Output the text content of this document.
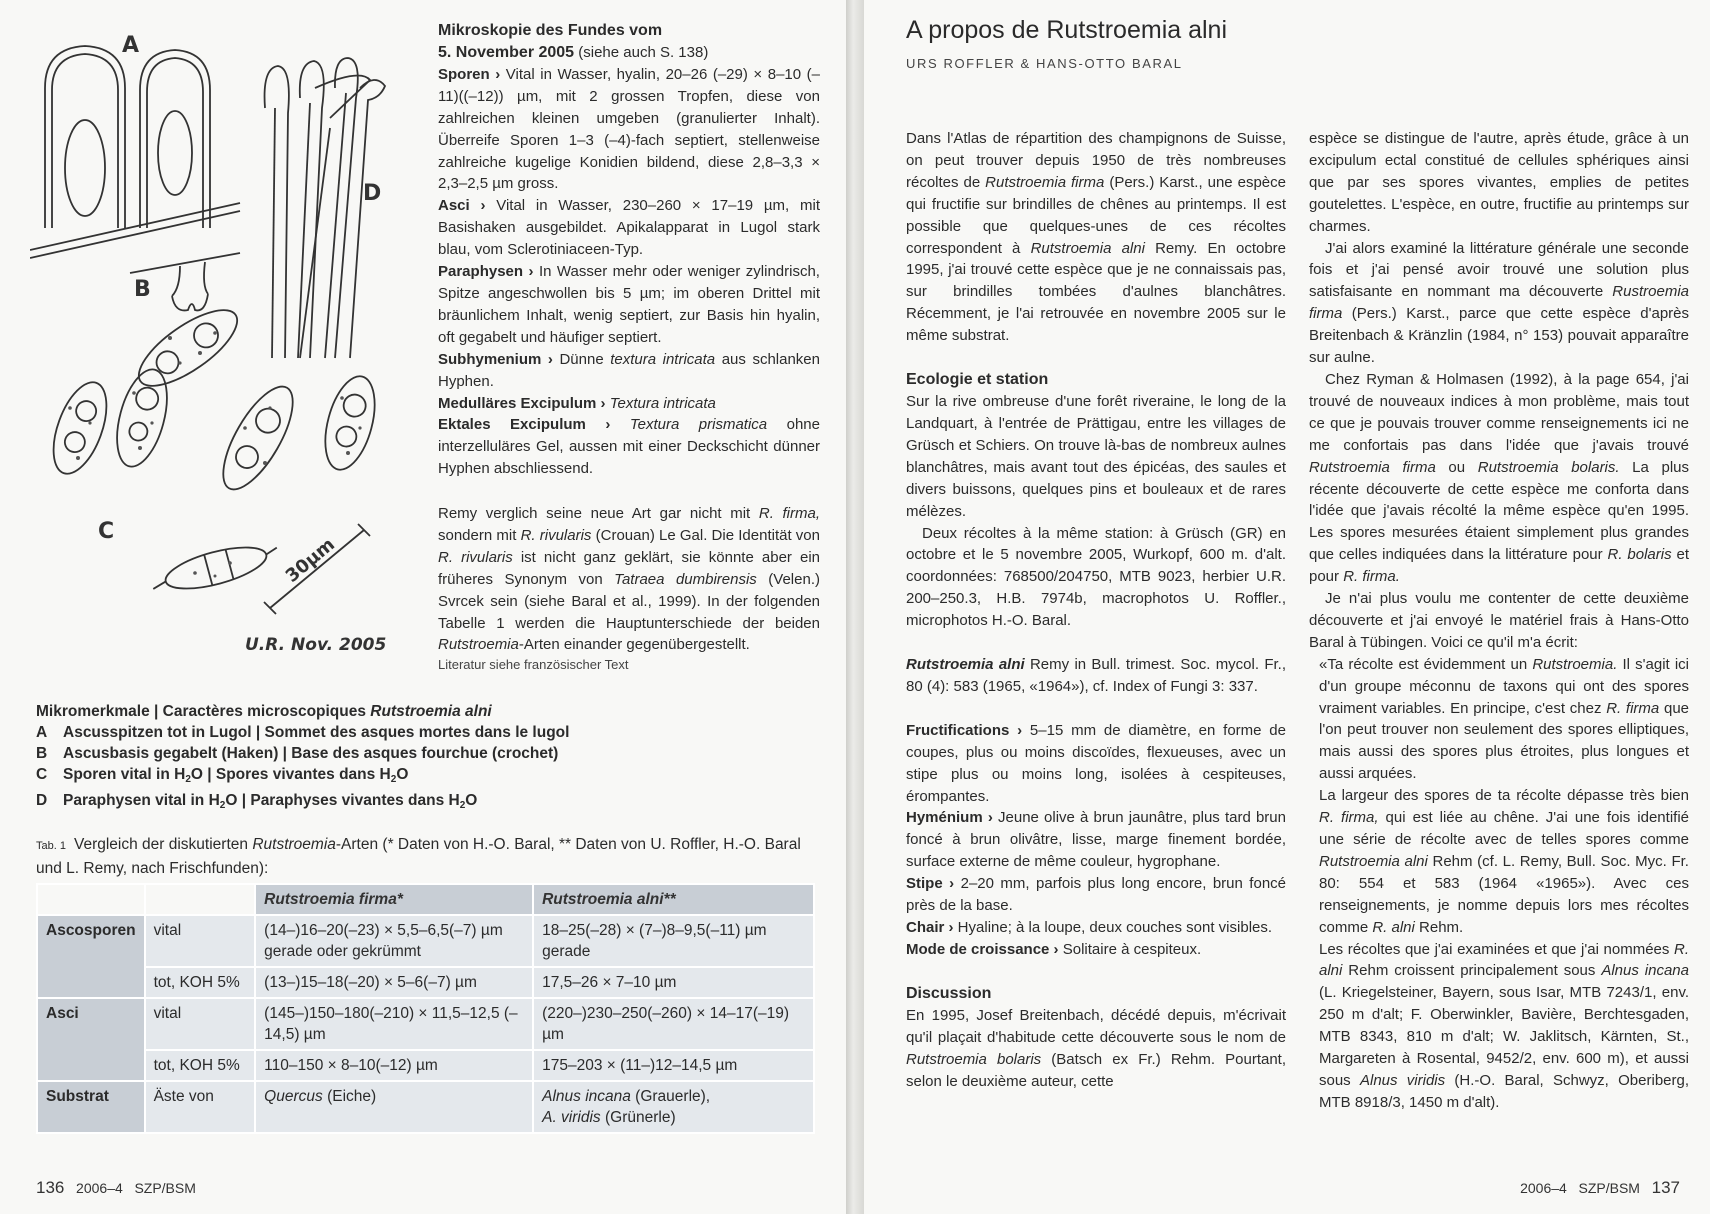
A
D
B
C
30µm
U.R. Nov. 2005

Mikroskopie des Fundes vom

5. November 2005 (siehe auch S. 138)

Sporen › Vital in Wasser, hyalin, 20–26 (–29) × 8–10 (–11)((–12)) µm, mit 2 grossen Tropfen, diese von zahlreichen kleinen umgeben (granulierter Inhalt). Überreife Sporen 1–3 (–4)-fach septiert, stellenweise zahlreiche kugelige Konidien bildend, diese 2,8–3,3 × 2,3–2,5 µm gross.

Asci › Vital in Wasser, 230–260 × 17–19 µm, mit Basishaken ausgebildet. Apikalapparat in Lugol stark blau, vom Sclerotiniaceen-Typ.

Paraphysen › In Wasser mehr oder weniger zylindrisch, Spitze angeschwollen bis 5 µm; im oberen Drittel mit bräunlichem Inhalt, wenig septiert, zur Basis hin hyalin, oft gegabelt und häufiger septiert.

Subhymenium › Dünne textura intricata aus schlanken Hyphen.

Medulläres Excipulum › Textura intricata

Ektales Excipulum › Textura prismatica ohne interzelluläres Gel, aussen mit einer Deckschicht dünner Hyphen abschliessend.

Remy verglich seine neue Art gar nicht mit R. firma, sondern mit R. rivularis (Crouan) Le Gal. Die Identität von R. rivularis ist nicht ganz geklärt, sie könnte aber ein früheres Synonym von Tatraea dumbirensis (Velen.) Svrcek sein (siehe Baral et al., 1999). In der folgenden Tabelle 1 werden die Hauptunterschiede der beiden Rutstroemia-Arten einander gegenübergestellt.

Literatur siehe französischer Text

Mikromerkmale | Caractères microscopiques Rutstroemia alni
A	Ascusspitzen tot in Lugol | Sommet des asques mortes dans le lugol
B	Ascusbasis gegabelt (Haken) | Base des asques fourchue (crochet)
C	Sporen vital in $H_2O$ | Spores vivantes dans $H_2O$
D	Paraphysen vital in $H_2O$ | Paraphyses vivantes dans $H_2O$
Tab. 1 Vergleich der diskutierten Rutstroemia-Arten (* Daten von H.-O. Baral, ** Daten von U. Roffler, H.-O. Baral und L. Remy, nach Frischfunden):
		Rutstroemia firma*	Rutstroemia alni**
Ascosporen	vital	(14–)16–20(–23) × 5,5–6,5(–7) µm gerade oder gekrümmt	18–25(–28) × (7–)8–9,5(–11) µm gerade
	tot, KOH 5%	(13–)15–18(–20) × 5–6(–7) µm	17,5–26 × 7–10 µm
Asci	vital	(145–)150–180(–210) × 11,5–12,5 (–14,5) µm	(220–)230–250(–260) × 14–17(–19) µm
	tot, KOH 5%	110–150 × 8–10(–12) µm	175–203 × (11–)12–14,5 µm
Substrat	Äste von	Quercus (Eiche)	Alnus incana (Grauerle),
A. viridis (Grünerle)
136 2006–4 SZP/BSM
A propos de Rutstroemia alni
URS ROFFLER & HANS-OTTO BARAL

Dans l'Atlas de répartition des champignons de Suisse, on peut trouver depuis 1950 de très nombreuses récoltes de Rutstroemia firma (Pers.) Karst., une espèce qui fructifie sur brindilles de chênes au printemps. Il est possible que quelques-unes de ces récoltes correspondent à Rutstroemia alni Remy. En octobre 1995, j'ai trouvé cette espèce que je ne connaissais pas, sur brindilles tombées d'aulnes blanchâtres. Récemment, je l'ai retrouvée en novembre 2005 sur le même substrat.

Ecologie et station

Sur la rive ombreuse d'une forêt riveraine, le long de la Landquart, à l'entrée de Prättigau, entre les villages de Grüsch et Schiers. On trouve là-bas de nombreux aulnes blanchâtres, mais avant tout des épicéas, des saules et divers buissons, quelques pins et bouleaux et de rares mélèzes.

Deux récoltes à la même station: à Grüsch (GR) en octobre et le 5 novembre 2005, Wurkopf, 600 m. d'alt. coordonnées: 768500/204750, MTB 9023, herbier U.R. 200–250.3, H.B. 7974b, macrophotos U. Roffler., microphotos H.-O. Baral.

Rutstroemia alni Remy in Bull. trimest. Soc. mycol. Fr., 80 (4): 583 (1965, «1964»), cf. Index of Fungi 3: 337.

Fructifications › 5–15 mm de diamètre, en forme de coupes, plus ou moins discoïdes, flexueuses, avec un stipe plus ou moins long, isolées à cespiteuses, érompantes.

Hyménium › Jeune olive à brun jaunâtre, plus tard brun foncé à brun olivâtre, lisse, marge finement bordée, surface externe de même couleur, hygrophane.

Stipe › 2–20 mm, parfois plus long encore, brun foncé près de la base.

Chair › Hyaline; à la loupe, deux couches sont visibles.

Mode de croissance › Solitaire à cespiteux.

Discussion

En 1995, Josef Breitenbach, décédé depuis, m'écrivait qu'il plaçait d'habitude cette découverte sous le nom de Rutstroemia bolaris (Batsch ex Fr.) Rehm. Pourtant, selon le deuxième auteur, cette

espèce se distingue de l'autre, après étude, grâce à un excipulum ectal constitué de cellules sphériques ainsi que par ses spores vivantes, emplies de petites goutelettes. L'espèce, en outre, fructifie au printemps sur charmes.

J'ai alors examiné la littérature générale une seconde fois et j'ai pensé avoir trouvé une solution plus satisfaisante en nommant ma découverte Rustroemia firma (Pers.) Karst., parce que cette espèce d'après Breitenbach & Kränzlin (1984, n° 153) pouvait apparaître sur aulne.

Chez Ryman & Holmasen (1992), à la page 654, j'ai trouvé de nouveaux indices à mon problème, mais tout ce que je pouvais trouver comme renseignements ici ne me confortais pas dans l'idée que j'avais trouvé Rutstroemia firma ou Rutstroemia bolaris. La plus récente découverte de cette espèce me conforta dans l'idée que j'avais récolté la même espèce qu'en 1995. Les spores mesurées étaient simplement plus grandes que celles indiquées dans la littérature pour R. bolaris et pour R. firma.

Je n'ai plus voulu me contenter de cette deuxième découverte et j'ai envoyé le matériel frais à Hans-Otto Baral à Tübingen. Voici ce qu'il m'a écrit:

«Ta récolte est évidemment un Rutstroemia. Il s'agit ici d'un groupe méconnu de taxons qui ont des spores vraiment variables. En principe, c'est chez R. firma que l'on peut trouver non seulement des spores elliptiques, mais aussi des spores plus étroites, plus longues et aussi arquées.

La largeur des spores de ta récolte dépasse très bien R. firma, qui est liée au chêne. J'ai une fois identifié une série de récolte avec de telles spores comme Rutstroemia alni Rehm (cf. L. Remy, Bull. Soc. Myc. Fr. 80: 554 et 583 (1964 «1965»). Avec ces renseignements, je nomme depuis lors mes récoltes comme R. alni Rehm.

Les récoltes que j'ai examinées et que j'ai nommées R. alni Rehm croissent principalement sous Alnus incana (L. Kriegelsteiner, Bayern, sous Isar, MTB 7243/1, env. 250 m d'alt; F. Oberwinkler, Bavière, Berchtesgaden, MTB 8343, 810 m d'alt; W. Jaklitsch, Kärnten, St., Margareten à Rosental, 9452/2, env. 600 m), et aussi sous Alnus viridis (H.-O. Baral, Schwyz, Oberiberg, MTB 8918/3, 1450 m d'alt).

2006–4 SZP/BSM 137
